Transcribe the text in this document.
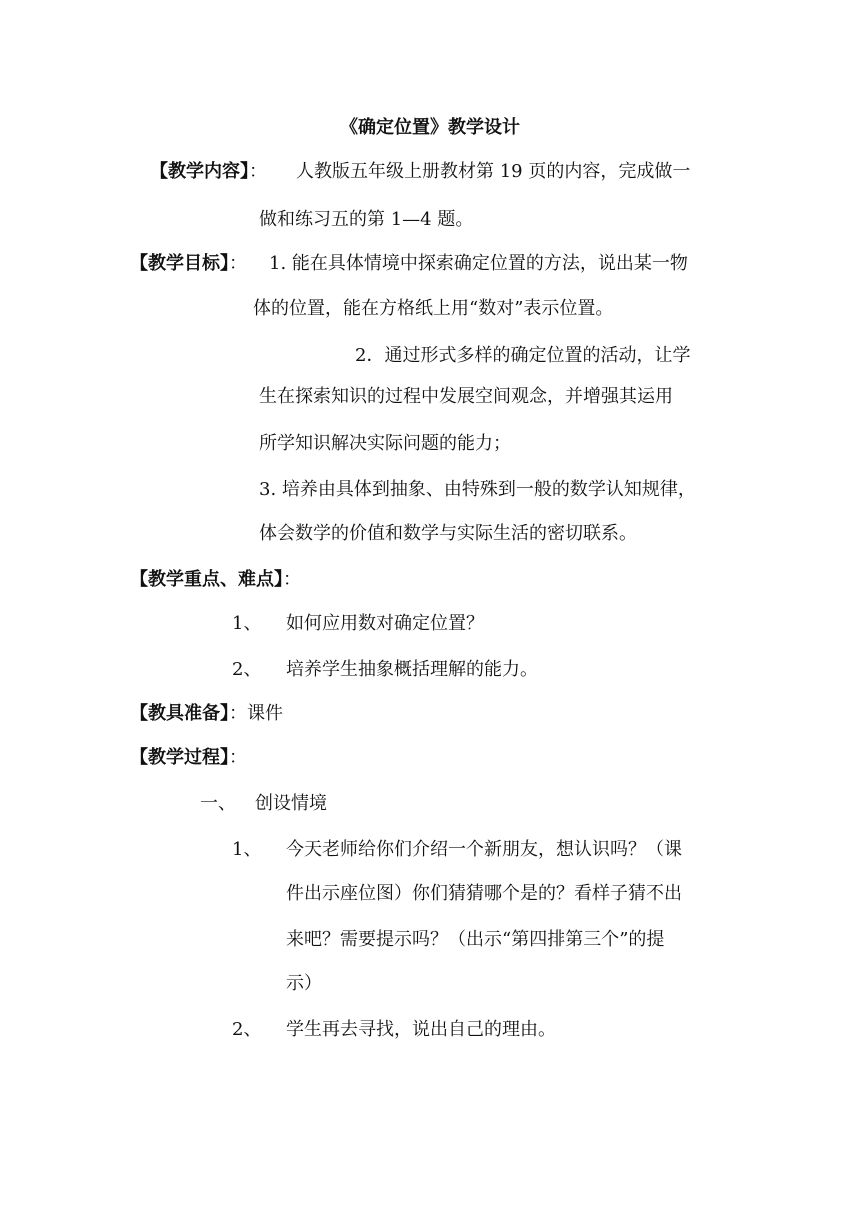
《确定位置》教学设计
【教学内容】： 人教版五年级上册教材第 19 页的内容，完成做一
做和练习五的第 1—4 题。
【教学目标】： 1. 能在具体情境中探索确定位置的方法，说出某一物
体的位置，能在方格纸上用“数对”表示位置。
2．通过形式多样的确定位置的活动，让学
生在探索知识的过程中发展空间观念，并增强其运用
所学知识解决实际问题的能力；
3. 培养由具体到抽象、由特殊到一般的数学认知规律，
体会数学的价值和数学与实际生活的密切联系。
【教学重点、难点】：
1、 如何应用数对确定位置？
2、 培养学生抽象概括理解的能力。
【教具准备】：课件
【教学过程】：
一、 创设情境
1、 今天老师给你们介绍一个新朋友，想认识吗？（课
件出示座位图）你们猜猜哪个是的？看样子猜不出
来吧？需要提示吗？（出示“第四排第三个”的提
示）
2、 学生再去寻找，说出自己的理由。
